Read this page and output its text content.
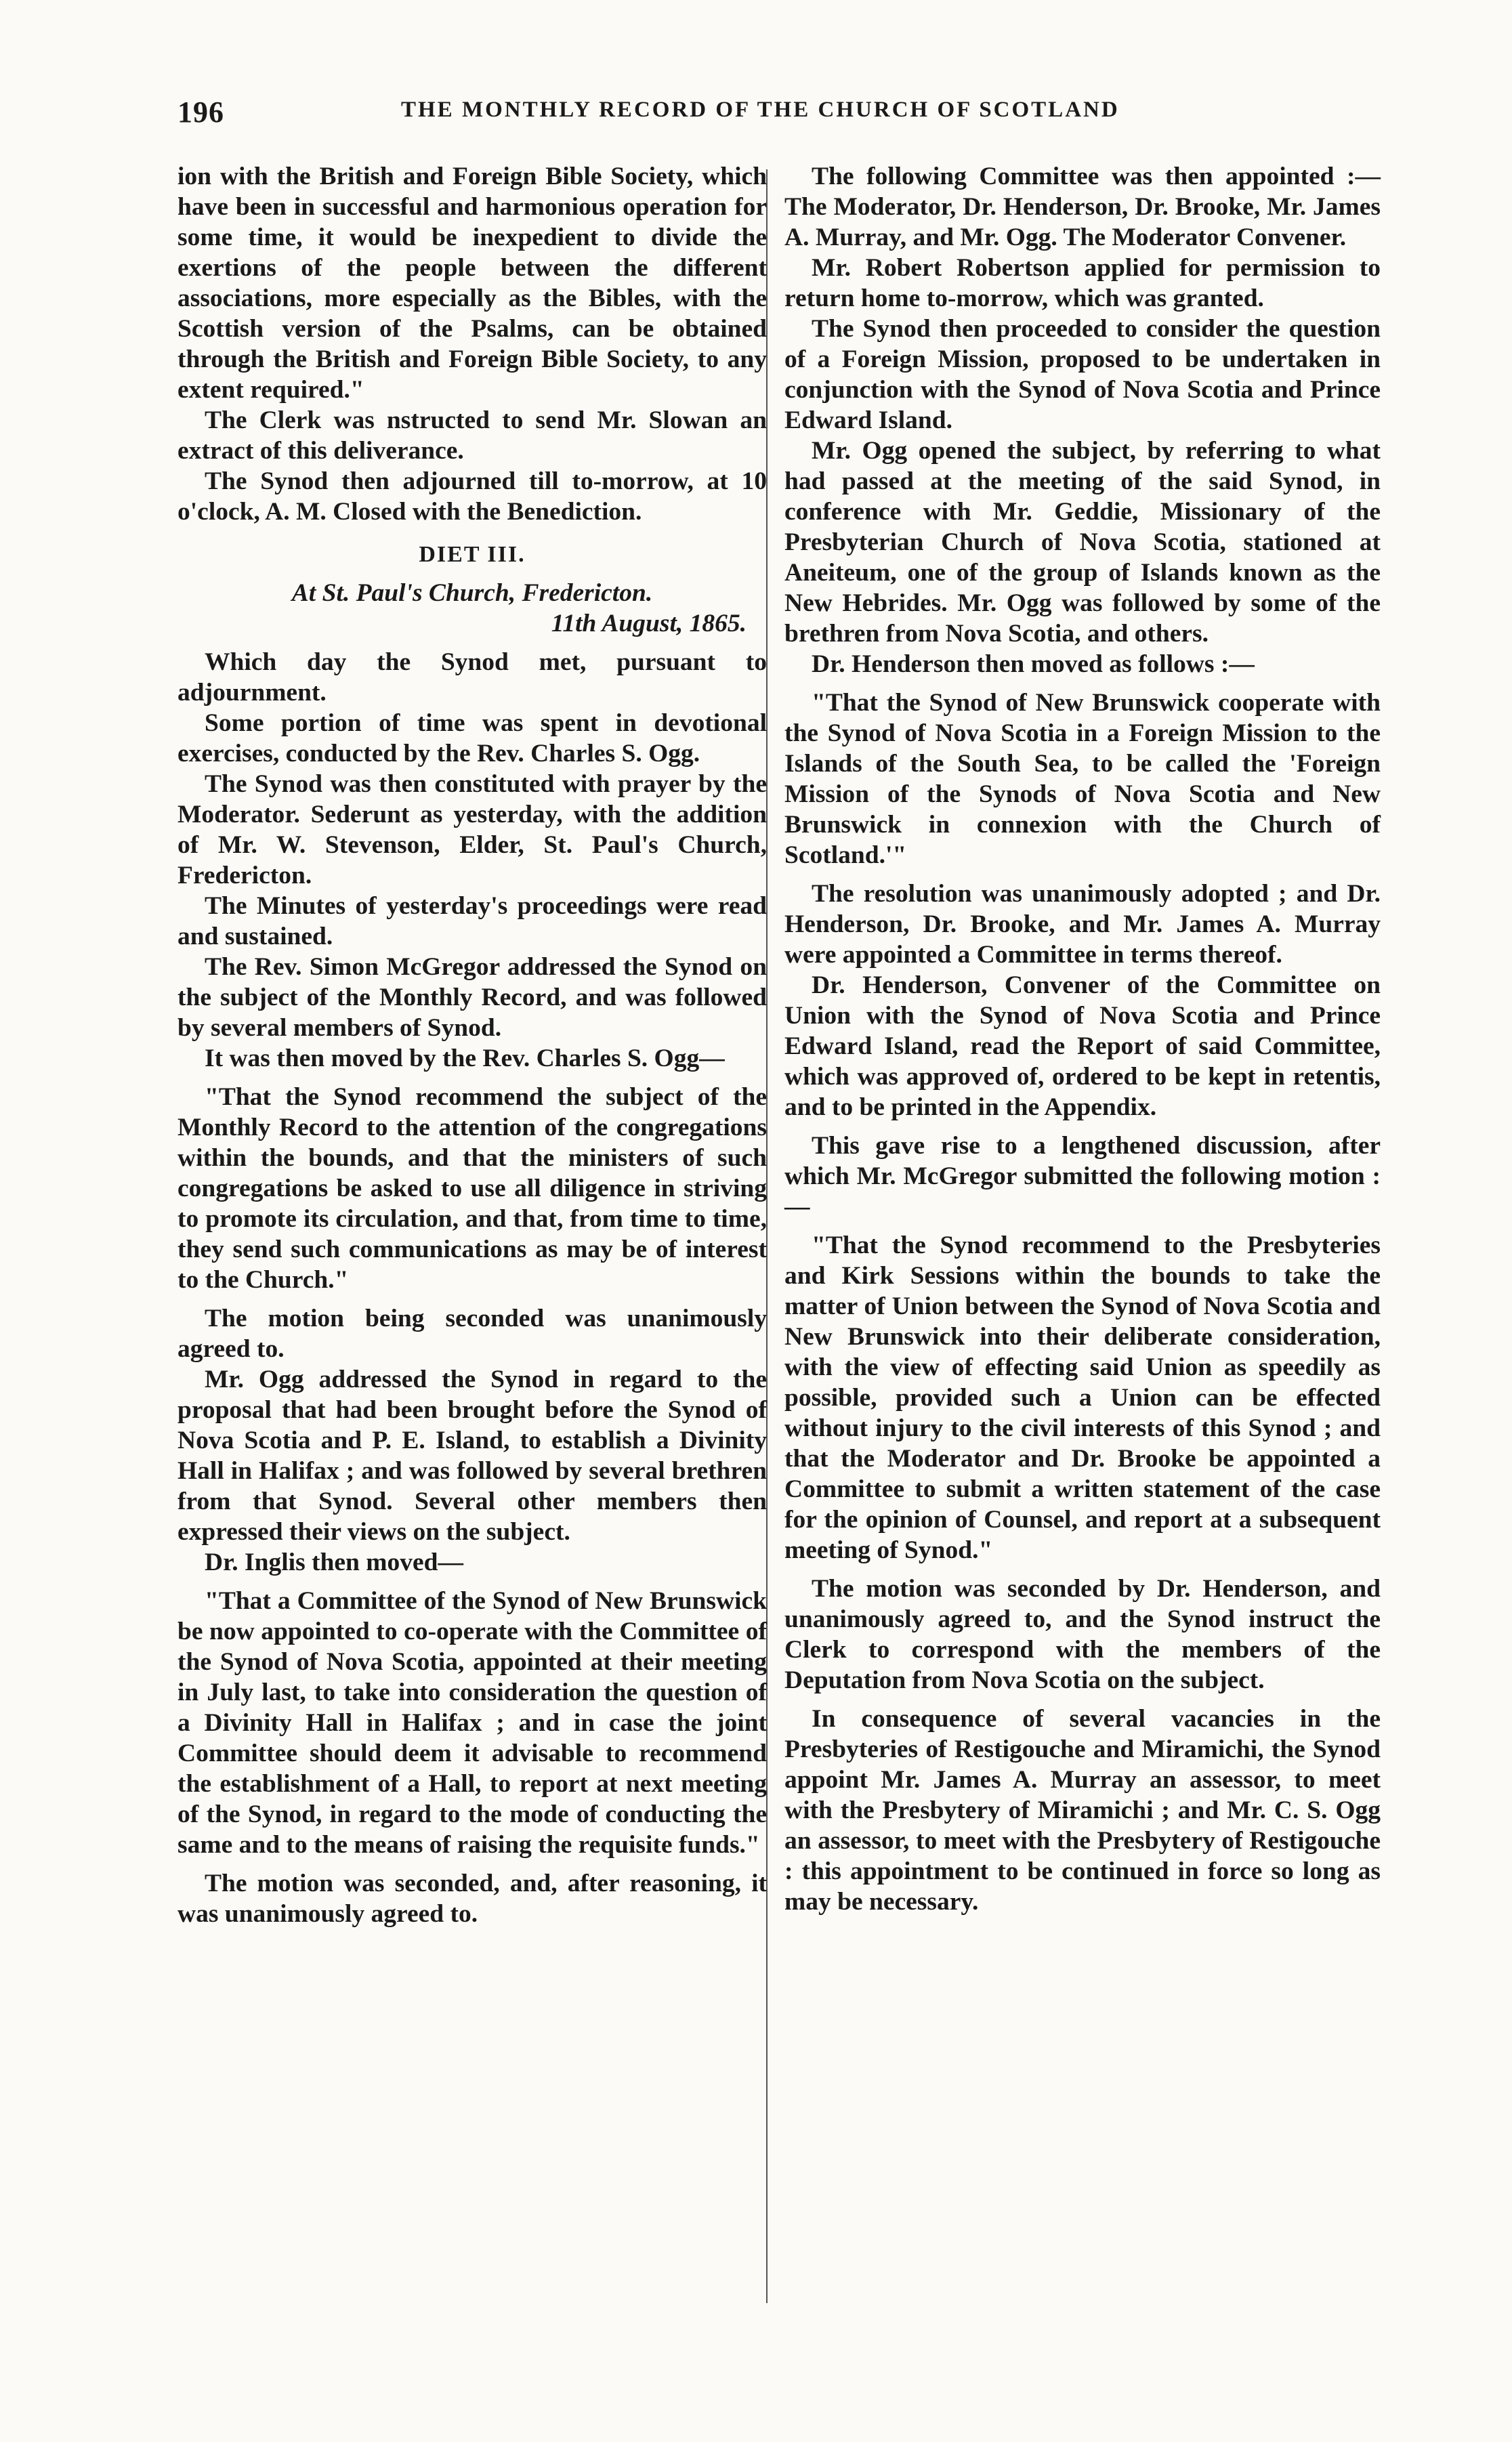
196	THE MONTHLY RECORD OF THE CHURCH OF SCOTLAND

ion with the British and Foreign Bible Society, which have been in successful and harmonious operation for some time, it would be inexpedient to divide the exertions of the people between the different associations, more especially as the Bibles, with the Scottish version of the Psalms, can be obtained through the British and Foreign Bible Society, to any extent required."

The Clerk was nstructed to send Mr. Slowan an extract of this deliverance.

The Synod then adjourned till to-morrow, at 10 o'clock, A. M. Closed with the Benediction.

DIET III.

At St. Paul's Church, Fredericton.

11th August, 1865.

Which day the Synod met, pursuant to adjournment.

Some portion of time was spent in devotional exercises, conducted by the Rev. Charles S. Ogg.

The Synod was then constituted with prayer by the Moderator. Sederunt as yesterday, with the addition of Mr. W. Stevenson, Elder, St. Paul's Church, Fredericton.

The Minutes of yesterday's proceedings were read and sustained.

The Rev. Simon McGregor addressed the Synod on the subject of the Monthly Record, and was followed by several members of Synod.

It was then moved by the Rev. Charles S. Ogg—

"That the Synod recommend the subject of the Monthly Record to the attention of the congregations within the bounds, and that the ministers of such congregations be asked to use all diligence in striving to promote its circulation, and that, from time to time, they send such communications as may be of interest to the Church."

The motion being seconded was unanimously agreed to.

Mr. Ogg addressed the Synod in regard to the proposal that had been brought before the Synod of Nova Scotia and P. E. Island, to establish a Divinity Hall in Halifax ; and was followed by several brethren from that Synod. Several other members then expressed their views on the subject.

Dr. Inglis then moved—

"That a Committee of the Synod of New Brunswick be now appointed to co-operate with the Committee of the Synod of Nova Scotia, appointed at their meeting in July last, to take into consideration the question of a Divinity Hall in Halifax ; and in case the joint Committee should deem it advisable to recommend the establishment of a Hall, to report at next meeting of the Synod, in regard to the mode of conducting the same and to the means of raising the requisite funds."

The motion was seconded, and, after reasoning, it was unanimously agreed to.

The following Committee was then appointed :—The Moderator, Dr. Henderson, Dr. Brooke, Mr. James A. Murray, and Mr. Ogg. The Moderator Convener.

Mr. Robert Robertson applied for permission to return home to-morrow, which was granted.

The Synod then proceeded to consider the question of a Foreign Mission, proposed to be undertaken in conjunction with the Synod of Nova Scotia and Prince Edward Island.

Mr. Ogg opened the subject, by referring to what had passed at the meeting of the said Synod, in conference with Mr. Geddie, Missionary of the Presbyterian Church of Nova Scotia, stationed at Aneiteum, one of the group of Islands known as the New Hebrides. Mr. Ogg was followed by some of the brethren from Nova Scotia, and others.

Dr. Henderson then moved as follows :—

"That the Synod of New Brunswick cooperate with the Synod of Nova Scotia in a Foreign Mission to the Islands of the South Sea, to be called the 'Foreign Mission of the Synods of Nova Scotia and New Brunswick in connexion with the Church of Scotland.'"

The resolution was unanimously adopted ; and Dr. Henderson, Dr. Brooke, and Mr. James A. Murray were appointed a Committee in terms thereof.

Dr. Henderson, Convener of the Committee on Union with the Synod of Nova Scotia and Prince Edward Island, read the Report of said Committee, which was approved of, ordered to be kept in retentis, and to be printed in the Appendix.

This gave rise to a lengthened discussion, after which Mr. McGregor submitted the following motion :—

"That the Synod recommend to the Presbyteries and Kirk Sessions within the bounds to take the matter of Union between the Synod of Nova Scotia and New Brunswick into their deliberate consideration, with the view of effecting said Union as speedily as possible, provided such a Union can be effected without injury to the civil interests of this Synod ; and that the Moderator and Dr. Brooke be appointed a Committee to submit a written statement of the case for the opinion of Counsel, and report at a subsequent meeting of Synod."

The motion was seconded by Dr. Henderson, and unanimously agreed to, and the Synod instruct the Clerk to correspond with the members of the Deputation from Nova Scotia on the subject.

In consequence of several vacancies in the Presbyteries of Restigouche and Miramichi, the Synod appoint Mr. James A. Murray an assessor, to meet with the Presbytery of Miramichi ; and Mr. C. S. Ogg an assessor, to meet with the Presbytery of Restigouche : this appointment to be continued in force so long as may be necessary.
